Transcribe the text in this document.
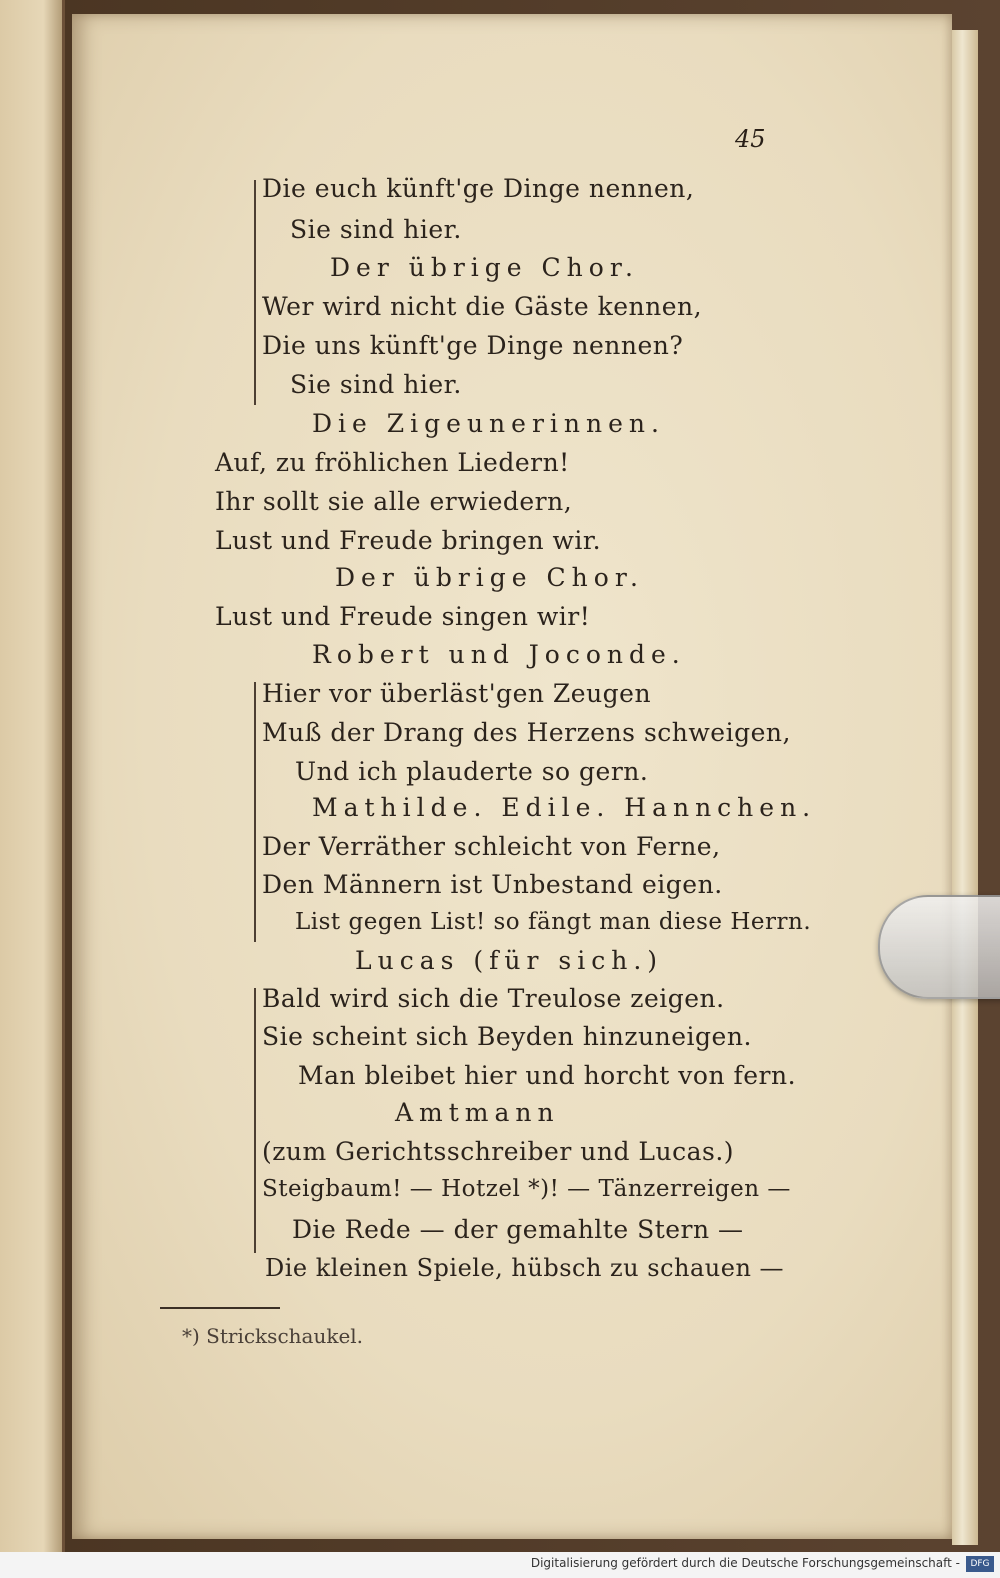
45
Die euch künft'ge Dinge nennen,
Sie sind hier.
Der übrige Chor.
Wer wird nicht die Gäste kennen,
Die uns künft'ge Dinge nennen?
Sie sind hier.
Die Zigeunerinnen.
Auf, zu fröhlichen Liedern!
Ihr sollt sie alle erwiedern,
Lust und Freude bringen wir.
Der übrige Chor.
Lust und Freude singen wir!
Robert und Joconde.
Hier vor überläst'gen Zeugen
Muß der Drang des Herzens schweigen,
Und ich plauderte so gern.
Mathilde. Edile. Hannchen.
Der Verräther schleicht von Ferne,
Den Männern ist Unbestand eigen.
List gegen List! so fängt man diese Herrn.
Lucas (für sich.)
Bald wird sich die Treulose zeigen.
Sie scheint sich Beyden hinzuneigen.
Man bleibet hier und horcht von fern.
Amtmann
(zum Gerichtsschreiber und Lucas.)
Steigbaum! — Hotzel *)! — Tänzerreigen —
Die Rede — der gemahlte Stern —
Die kleinen Spiele, hübsch zu schauen —
*) Strickschaukel.
Digitalisierung gefördert durch die Deutsche Forschungsgemeinschaft -	DFG
